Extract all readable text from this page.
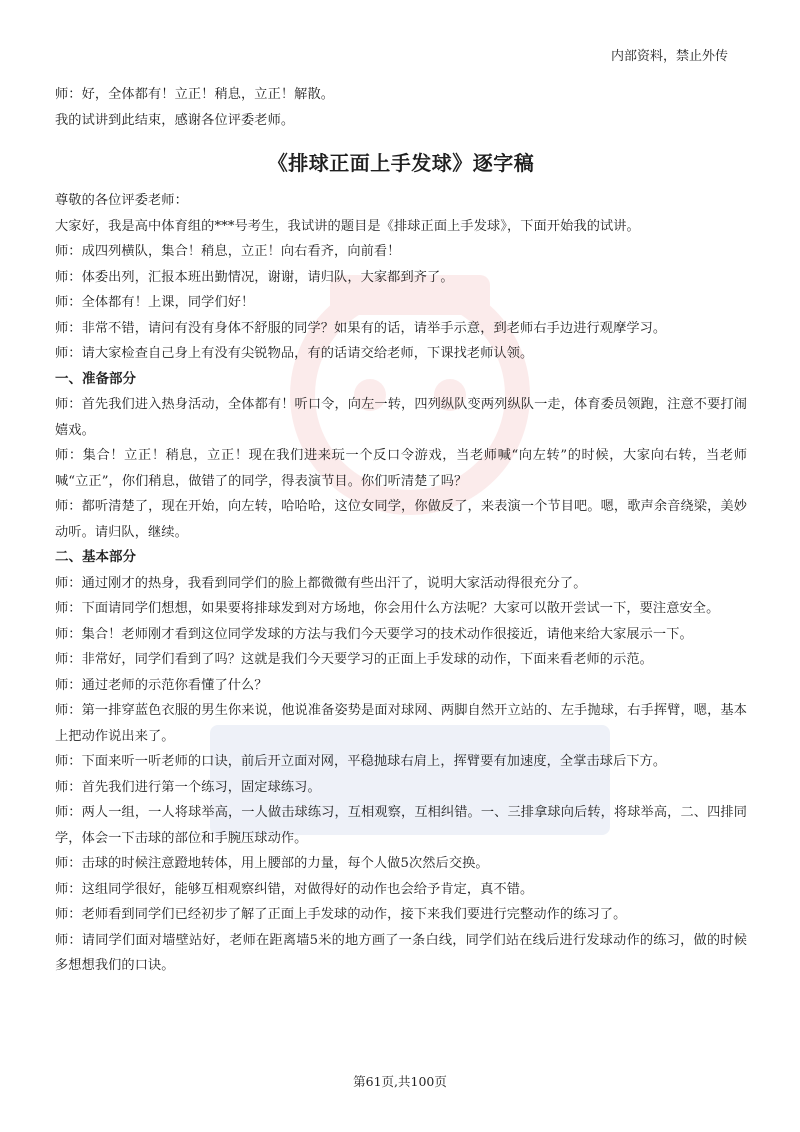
内部资料，禁止外传

师：好，全体都有！立正！稍息，立正！解散。

我的试讲到此结束，感谢各位评委老师。

《排球正面上手发球》逐字稿

尊敬的各位评委老师：

大家好，我是高中体育组的***号考生，我试讲的题目是《排球正面上手发球》，下面开始我的试讲。

师：成四列横队，集合！稍息，立正！向右看齐，向前看！

师：体委出列，汇报本班出勤情况，谢谢，请归队，大家都到齐了。

师：全体都有！上课，同学们好！

师：非常不错，请问有没有身体不舒服的同学？如果有的话，请举手示意，到老师右手边进行观摩学习。

师：请大家检查自己身上有没有尖锐物品，有的话请交给老师，下课找老师认领。

一、准备部分

师：首先我们进入热身活动，全体都有！听口令，向左一转，四列纵队变两列纵队一走，体育委员领跑，注意不要打闹嬉戏。

师：集合！立正！稍息，立正！现在我们进来玩一个反口令游戏，当老师喊“向左转”的时候，大家向右转，当老师喊“立正”，你们稍息，做错了的同学，得表演节目。你们听清楚了吗？

师：都听清楚了，现在开始，向左转，哈哈哈，这位女同学，你做反了，来表演一个节目吧。嗯，歌声余音绕梁，美妙动听。请归队，继续。

二、基本部分

师：通过刚才的热身，我看到同学们的脸上都微微有些出汗了，说明大家活动得很充分了。

师：下面请同学们想想，如果要将排球发到对方场地，你会用什么方法呢？大家可以散开尝试一下，要注意安全。

师：集合！老师刚才看到这位同学发球的方法与我们今天要学习的技术动作很接近，请他来给大家展示一下。

师：非常好，同学们看到了吗？这就是我们今天要学习的正面上手发球的动作，下面来看老师的示范。

师：通过老师的示范你看懂了什么？

师：第一排穿蓝色衣服的男生你来说，他说准备姿势是面对球网、两脚自然开立站的、左手抛球，右手挥臂，嗯，基本上把动作说出来了。

师：下面来听一听老师的口诀，前后开立面对网，平稳抛球右肩上，挥臂要有加速度，全掌击球后下方。

师：首先我们进行第一个练习，固定球练习。

师：两人一组，一人将球举高，一人做击球练习，互相观察，互相纠错。一、三排拿球向后转，将球举高，二、四排同学，体会一下击球的部位和手腕压球动作。

师：击球的时候注意蹬地转体，用上腰部的力量，每个人做5次然后交换。

师：这组同学很好，能够互相观察纠错，对做得好的动作也会给予肯定，真不错。

师：老师看到同学们已经初步了解了正面上手发球的动作，接下来我们要进行完整动作的练习了。

师：请同学们面对墙壁站好，老师在距离墙5米的地方画了一条白线，同学们站在线后进行发球动作的练习，做的时候多想想我们的口诀。

第61页,共100页
